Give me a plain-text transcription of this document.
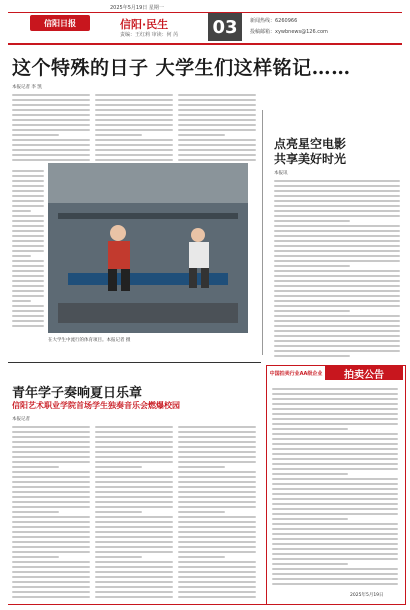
2025年5月19日 星期一
信阳日报	信阳·民生
责编：王红莉 审读：何 芮 03	新闻热线：6260966
投稿邮箱：xywbnews@126.com
这个特殊的日子 大学生们这样铭记……
本报记者 李 凯
在大学生中流行的体育项目。本报记者 摄
点亮星空电影
共享美好时光
本报讯
青年学子奏响夏日乐章
信阳艺术职业学院首场学生独奏音乐会燃爆校园
本报记者
中国拍卖行业AA级企业	拍卖公告
2025年5月19日
